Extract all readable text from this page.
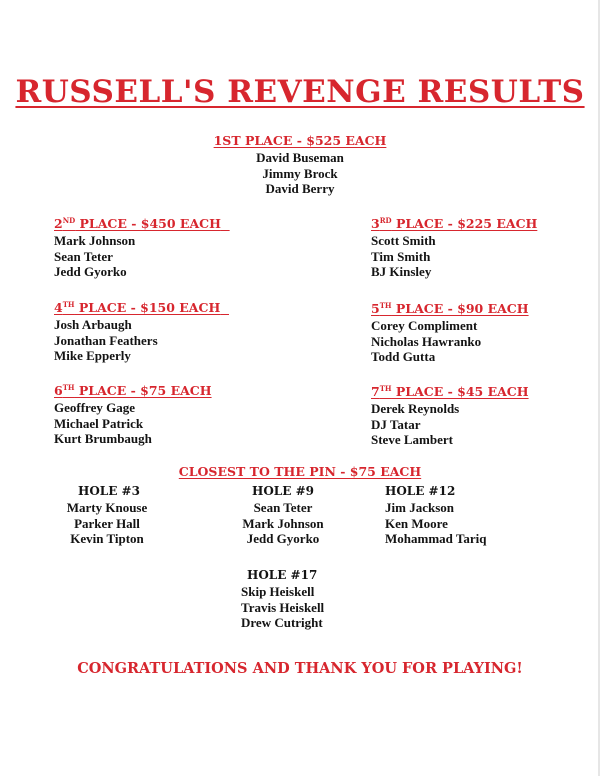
RUSSELL'S REVENGE RESULTS
1ST PLACE - $525 EACH
David Buseman
Jimmy Brock
David Berry
2ND PLACE - $450 EACH
Mark Johnson
Sean Teter
Jedd Gyorko
3RD PLACE - $225 EACH
Scott Smith
Tim Smith
BJ Kinsley
4TH PLACE - $150 EACH
Josh Arbaugh
Jonathan Feathers
Mike Epperly
5TH PLACE - $90 EACH
Corey Compliment
Nicholas Hawranko
Todd Gutta
6TH PLACE - $75 EACH
Geoffrey Gage
Michael Patrick
Kurt Brumbaugh
7TH PLACE - $45 EACH
Derek Reynolds
DJ Tatar
Steve Lambert
CLOSEST TO THE PIN - $75 EACH
HOLE #3
Marty Knouse
Parker Hall
Kevin Tipton
HOLE #9
Sean Teter
Mark Johnson
Jedd Gyorko
HOLE #12
Jim Jackson
Ken Moore
Mohammad Tariq
HOLE #17
Skip Heiskell
Travis Heiskell
Drew Cutright
CONGRATULATIONS AND THANK YOU FOR PLAYING!
